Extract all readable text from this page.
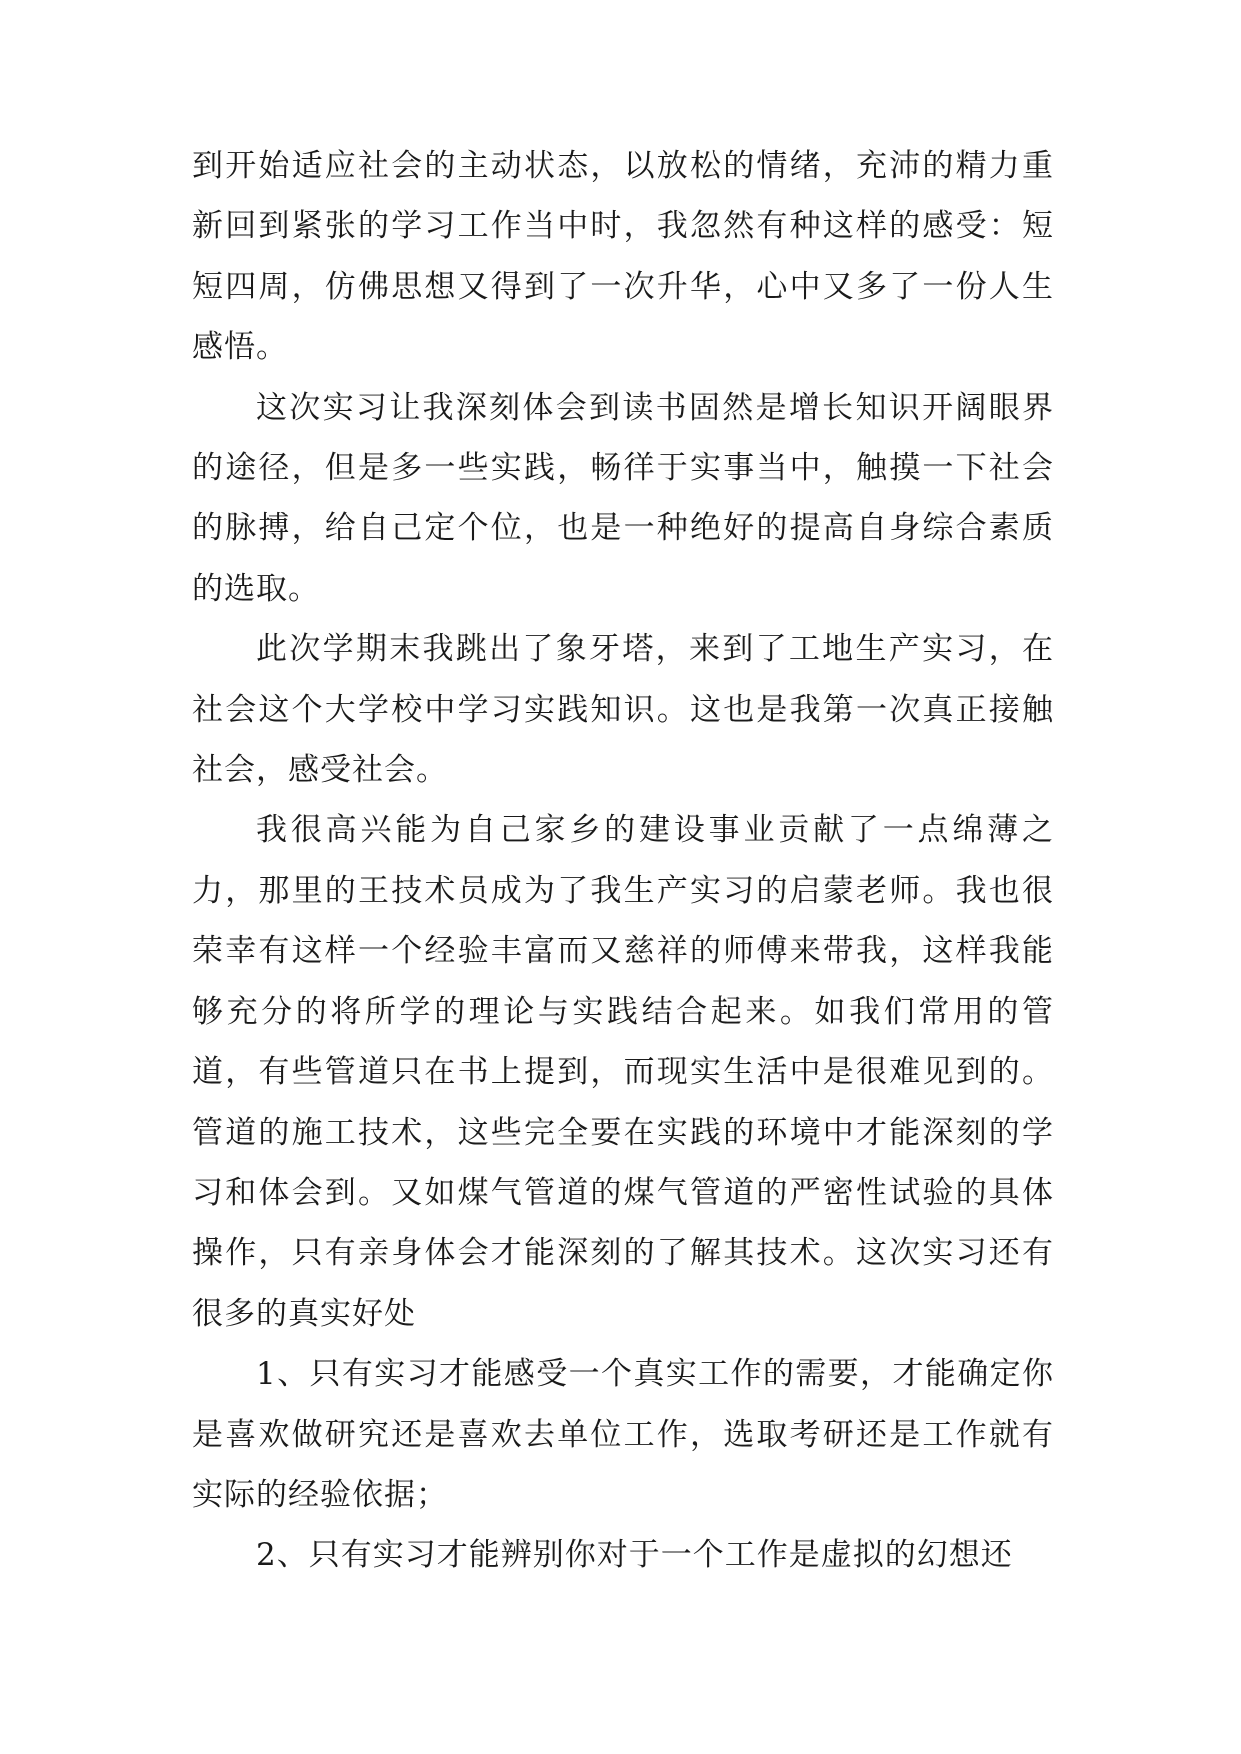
到开始适应社会的主动状态，以放松的情绪，充沛的精力重新回到紧张的学习工作当中时，我忽然有种这样的感受：短短四周，仿佛思想又得到了一次升华，心中又多了一份人生感悟。

这次实习让我深刻体会到读书固然是增长知识开阔眼界的途径，但是多一些实践，畅徉于实事当中，触摸一下社会的脉搏，给自己定个位，也是一种绝好的提高自身综合素质的选取。

此次学期末我跳出了象牙塔，来到了工地生产实习，在社会这个大学校中学习实践知识。这也是我第一次真正接触社会，感受社会。

我很高兴能为自己家乡的建设事业贡献了一点绵薄之力，那里的王技术员成为了我生产实习的启蒙老师。我也很荣幸有这样一个经验丰富而又慈祥的师傅来带我，这样我能够充分的将所学的理论与实践结合起来。如我们常用的管道，有些管道只在书上提到，而现实生活中是很难见到的。管道的施工技术，这些完全要在实践的环境中才能深刻的学习和体会到。又如煤气管道的煤气管道的严密性试验的具体操作，只有亲身体会才能深刻的了解其技术。这次实习还有很多的真实好处

1、只有实习才能感受一个真实工作的需要，才能确定你是喜欢做研究还是喜欢去单位工作，选取考研还是工作就有实际的经验依据；

2、只有实习才能辨别你对于一个工作是虚拟的幻想还
